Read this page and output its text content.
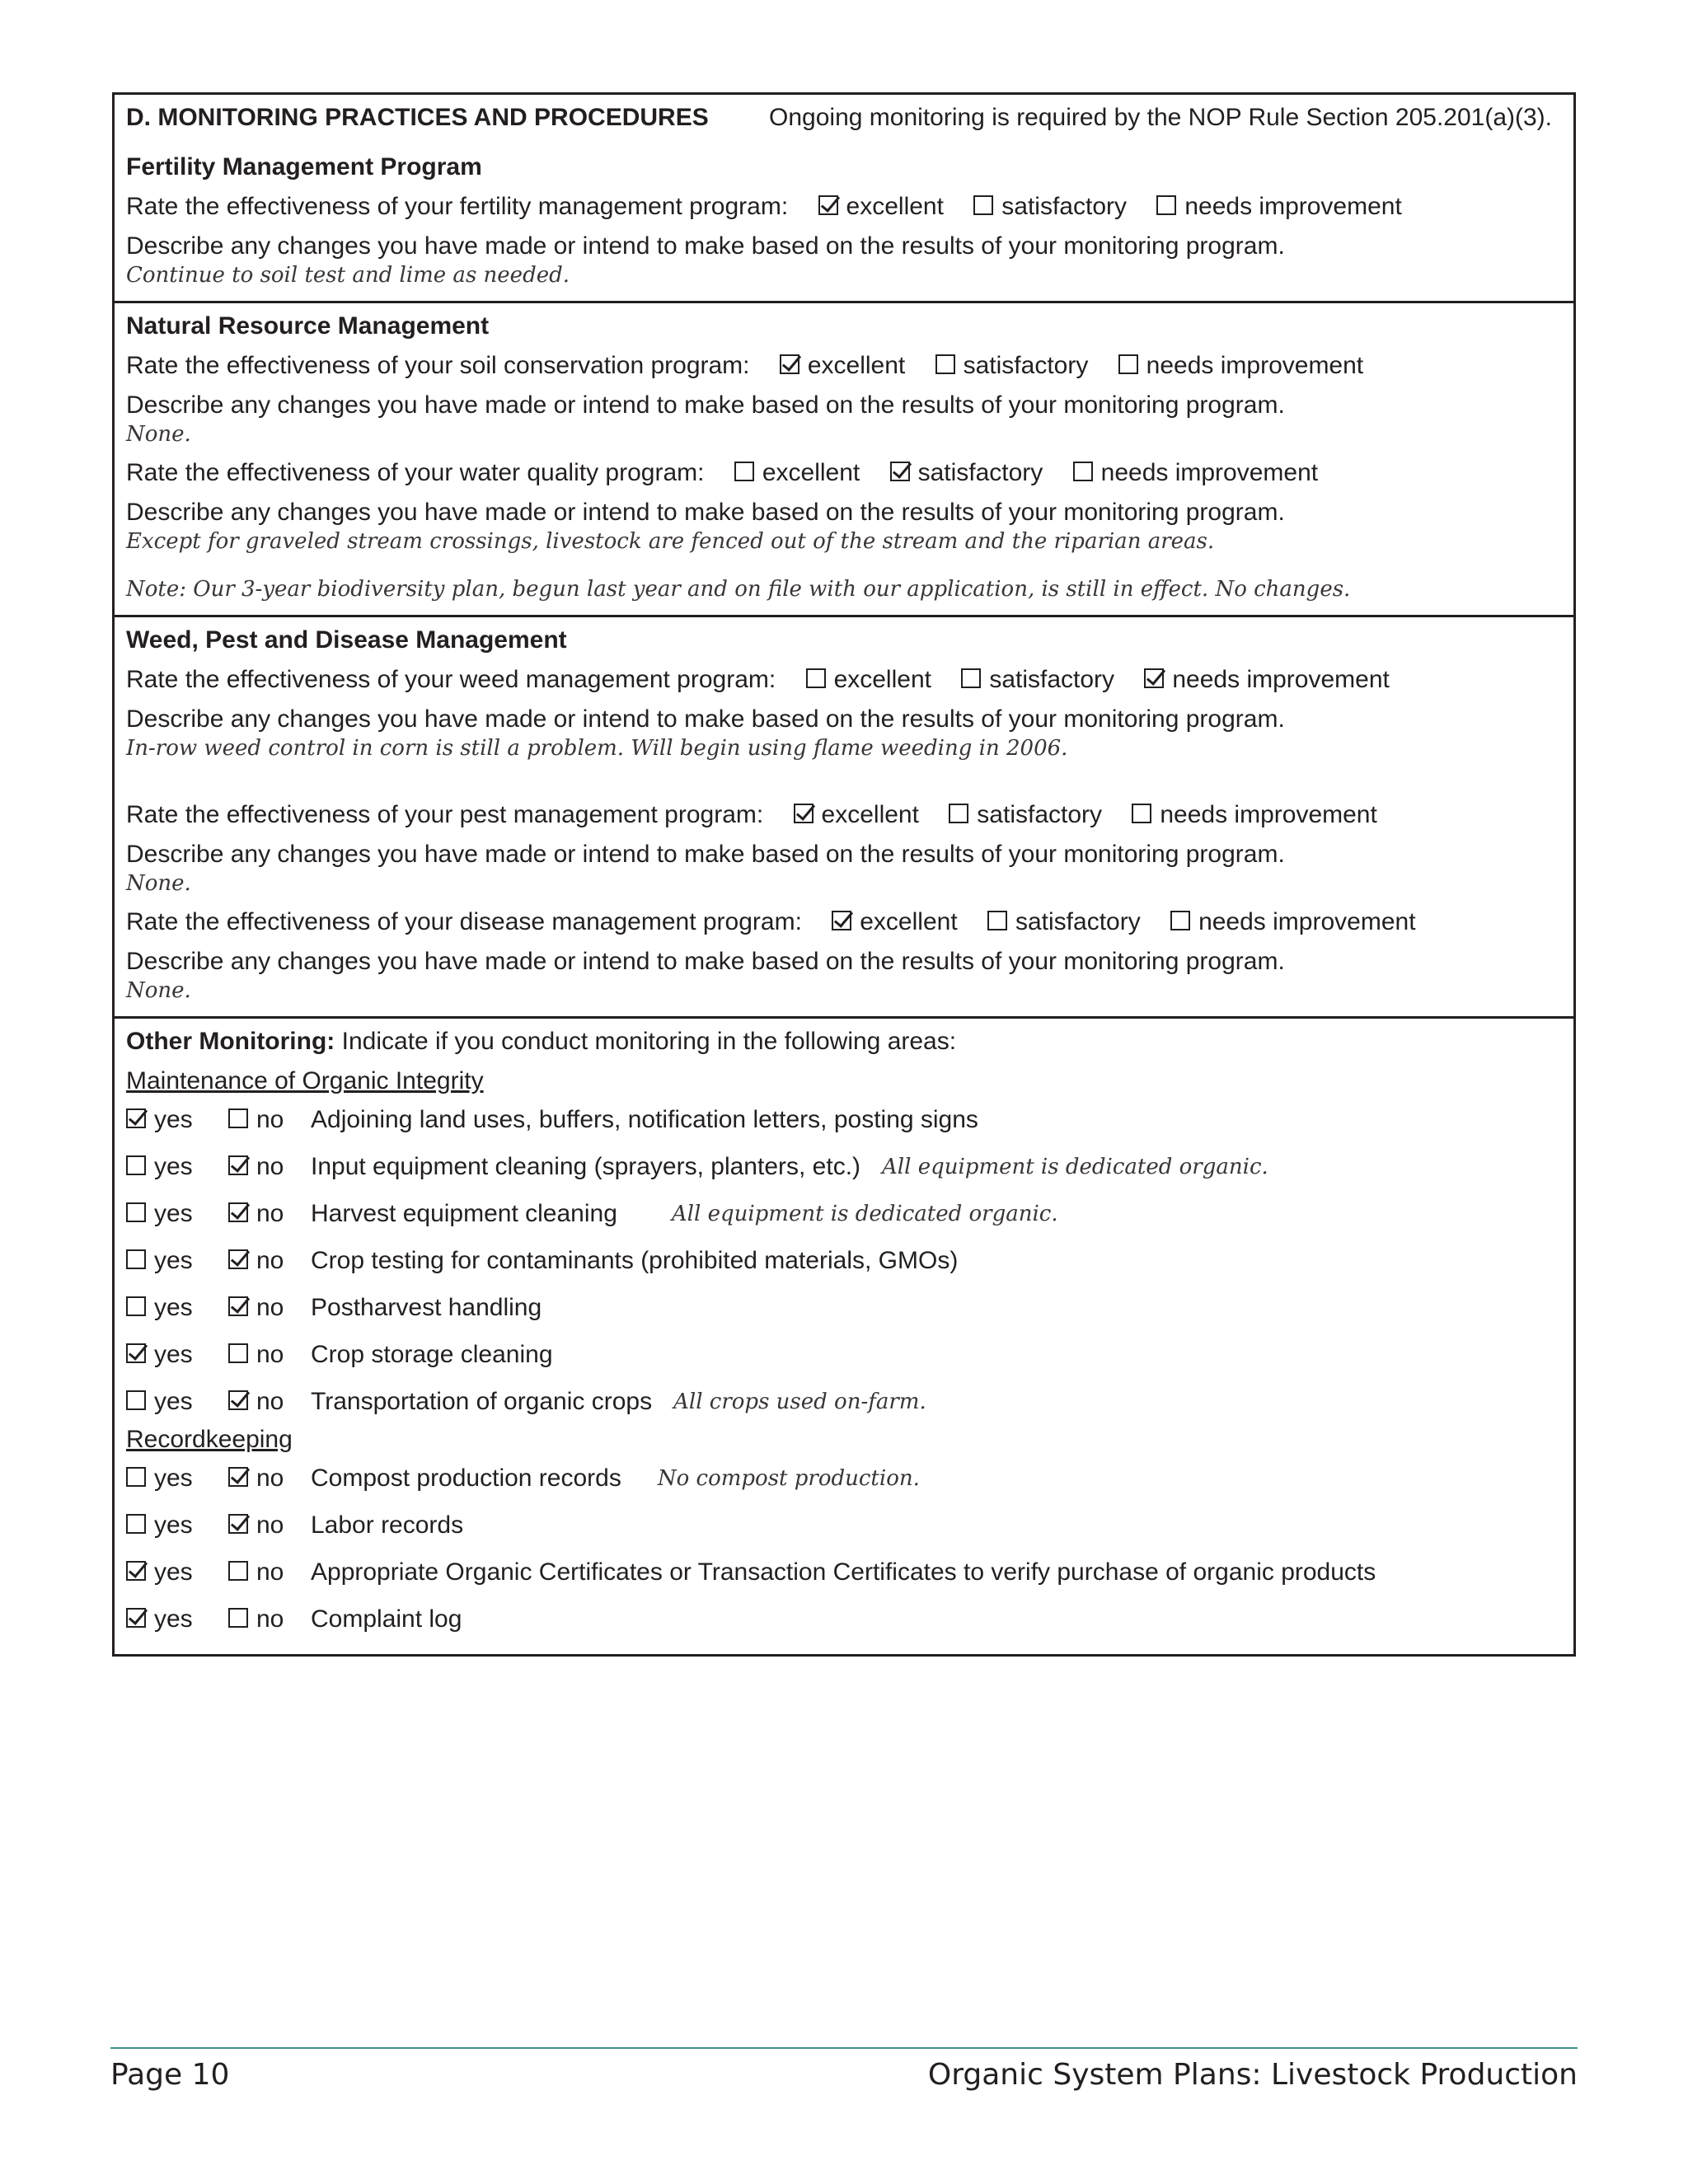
D. MONITORING PRACTICES AND PROCEDURES Ongoing monitoring is required by the NOP Rule Section 205.201(a)(3).
Fertility Management Program
Rate the effectiveness of your fertility management program: excellent satisfactory needs improvement
Describe any changes you have made or intend to make based on the results of your monitoring program.
Continue to soil test and lime as needed.
Natural Resource Management
Rate the effectiveness of your soil conservation program: excellent satisfactory needs improvement
Describe any changes you have made or intend to make based on the results of your monitoring program.
None.
Rate the effectiveness of your water quality program: excellent satisfactory needs improvement
Describe any changes you have made or intend to make based on the results of your monitoring program.
Except for graveled stream crossings, livestock are fenced out of the stream and the riparian areas.
Note: Our 3-year biodiversity plan, begun last year and on file with our application, is still in effect. No changes.
Weed, Pest and Disease Management
Rate the effectiveness of your weed management program: excellent satisfactory needs improvement
Describe any changes you have made or intend to make based on the results of your monitoring program.
In-row weed control in corn is still a problem. Will begin using flame weeding in 2006.
Rate the effectiveness of your pest management program: excellent satisfactory needs improvement
Describe any changes you have made or intend to make based on the results of your monitoring program.
None.
Rate the effectiveness of your disease management program: excellent satisfactory needs improvement
Describe any changes you have made or intend to make based on the results of your monitoring program.
None.
Other Monitoring: Indicate if you conduct monitoring in the following areas:
Maintenance of Organic Integrity
yes	no	Adjoining land uses, buffers, notification letters, posting signs
yes	no	Input equipment cleaning (sprayers, planters, etc.) All equipment is dedicated organic.
yes	no	Harvest equipment cleaning	All equipment is dedicated organic.
yes	no	Crop testing for contaminants (prohibited materials, GMOs)
yes	no	Postharvest handling
yes	no	Crop storage cleaning
yes	no	Transportation of organic crops All crops used on-farm.
Recordkeeping
yes	no	Compost production records No compost production.
yes	no	Labor records
yes	no	Appropriate Organic Certificates or Transaction Certificates to verify purchase of organic products
yes	no	Complaint log
Page 10	Organic System Plans: Livestock Production
